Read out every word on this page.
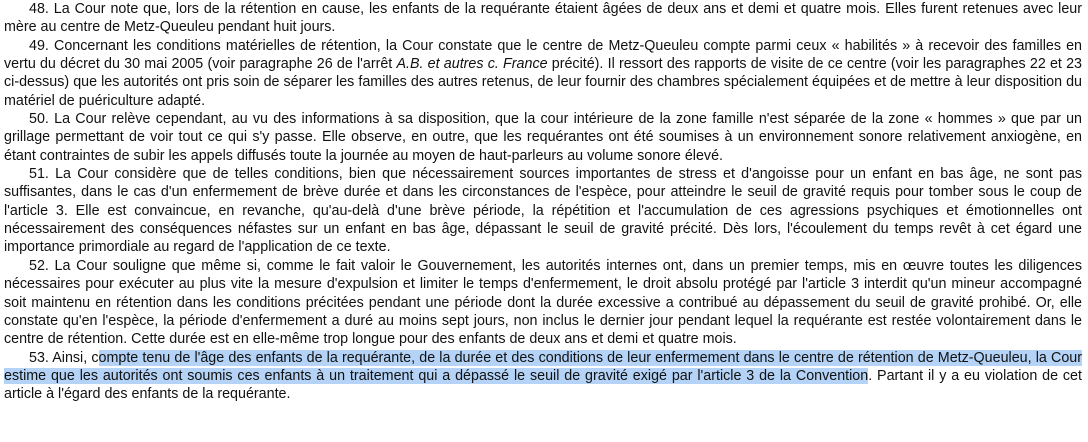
48. La Cour note que, lors de la rétention en cause, les enfants de la requérante étaient âgées de deux ans et demi et quatre mois. Elles furent retenues avec leur mère au centre de Metz-Queuleu pendant huit jours.

49. Concernant les conditions matérielles de rétention, la Cour constate que le centre de Metz-Queuleu compte parmi ceux « habilités » à recevoir des familles en vertu du décret du 30 mai 2005 (voir paragraphe 26 de l'arrêt A.B. et autres c. France précité). Il ressort des rapports de visite de ce centre (voir les paragraphes 22 et 23 ci-dessus) que les autorités ont pris soin de séparer les familles des autres retenus, de leur fournir des chambres spécialement équipées et de mettre à leur disposition du matériel de puériculture adapté.

50. La Cour relève cependant, au vu des informations à sa disposition, que la cour intérieure de la zone famille n'est séparée de la zone « hommes » que par un grillage permettant de voir tout ce qui s'y passe. Elle observe, en outre, que les requérantes ont été soumises à un environnement sonore relativement anxiogène, en étant contraintes de subir les appels diffusés toute la journée au moyen de haut-parleurs au volume sonore élevé.

51. La Cour considère que de telles conditions, bien que nécessairement sources importantes de stress et d'angoisse pour un enfant en bas âge, ne sont pas suffisantes, dans le cas d'un enfermement de brève durée et dans les circonstances de l'espèce, pour atteindre le seuil de gravité requis pour tomber sous le coup de l'article 3. Elle est convaincue, en revanche, qu'au-delà d'une brève période, la répétition et l'accumulation de ces agressions psychiques et émotionnelles ont nécessairement des conséquences néfastes sur un enfant en bas âge, dépassant le seuil de gravité précité. Dès lors, l'écoulement du temps revêt à cet égard une importance primordiale au regard de l'application de ce texte.

52. La Cour souligne que même si, comme le fait valoir le Gouvernement, les autorités internes ont, dans un premier temps, mis en œuvre toutes les diligences nécessaires pour exécuter au plus vite la mesure d'expulsion et limiter le temps d'enfermement, le droit absolu protégé par l'article 3 interdit qu'un mineur accompagné soit maintenu en rétention dans les conditions précitées pendant une période dont la durée excessive a contribué au dépassement du seuil de gravité prohibé. Or, elle constate qu'en l'espèce, la période d'enfermement a duré au moins sept jours, non inclus le dernier jour pendant lequel la requérante est restée volontairement dans le centre de rétention. Cette durée est en elle-même trop longue pour des enfants de deux ans et demi et quatre mois.

53. Ainsi, compte tenu de l'âge des enfants de la requérante, de la durée et des conditions de leur enfermement dans le centre de rétention de Metz-Queuleu, la Cour estime que les autorités ont soumis ces enfants à un traitement qui a dépassé le seuil de gravité exigé par l'article 3 de la Convention. Partant il y a eu violation de cet article à l'égard des enfants de la requérante.
